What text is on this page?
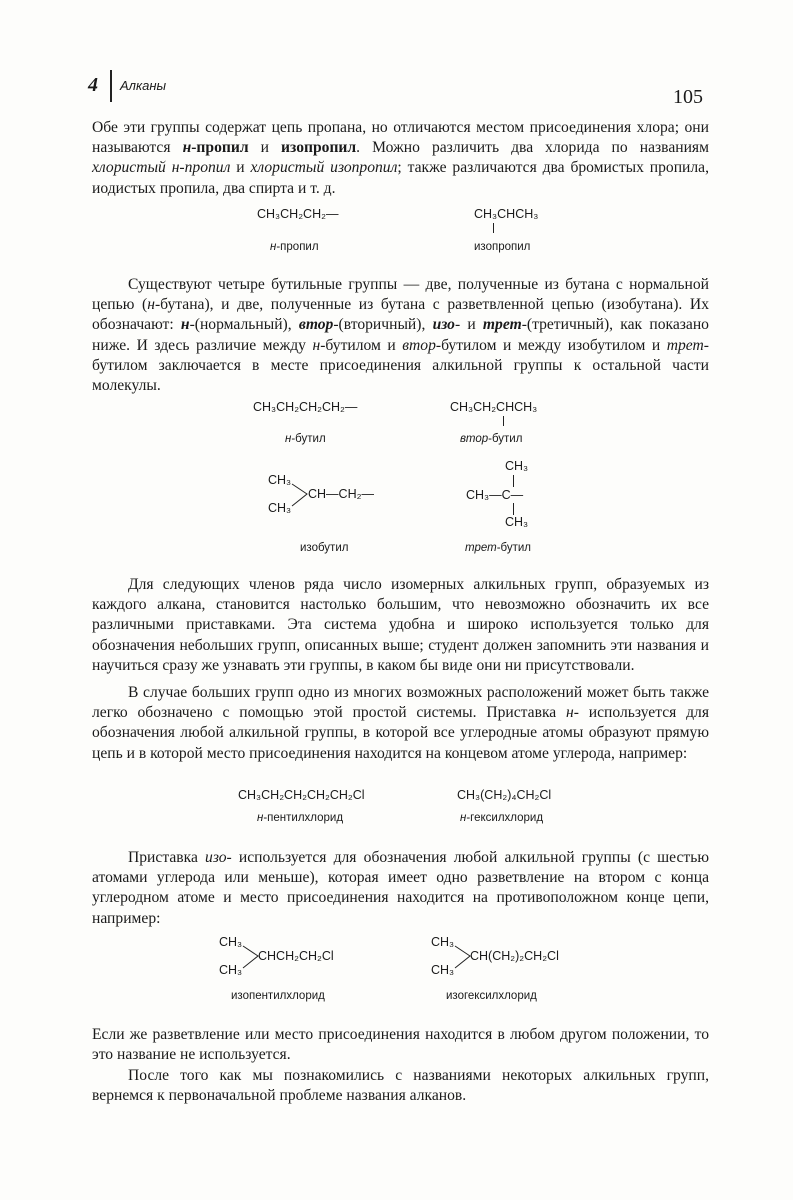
4 Алканы
105

Обе эти группы содержат цепь пропана, но отличаются местом присоединения хлора; они называются н-пропил и изопропил. Можно различить два хлорида по названиям хлористый н-пропил и хлористый изопропил; также различаются два бромистых пропила, иодистых пропила, два спирта и т. д.

CH₃CH₂CH₂—
н-пропил
CH₃CHCH₃
изопропил

Существуют четыре бутильные группы — две, полученные из бутана с нормальной цепью (н-бутана), и две, полученные из бутана с разветвленной цепью (изобутана). Их обозначают: н-(нормальный), втор-(вторичный), изо- и трет-(третичный), как показано ниже. И здесь различие между н-бутилом и втор-бутилом и между изобутилом и трет-бутилом заключается в месте присоединения алкильной группы к остальной части молекулы.

CH₃CH₂CH₂CH₂—
н-бутил
CH₃CH₂CHCH₃
втор-бутил
CH₃
CH₃
CH—CH₂—
изобутил
CH₃
CH₃—C—
CH₃
трет-бутил

Для следующих членов ряда число изомерных алкильных групп, образуемых из каждого алкана, становится настолько большим, что невозможно обозначить их все различными приставками. Эта система удобна и широко используется только для обозначения небольших групп, описанных выше; студент должен запомнить эти названия и научиться сразу же узнавать эти группы, в каком бы виде они ни присутствовали.

В случае больших групп одно из многих возможных расположений может быть также легко обозначено с помощью этой простой системы. Приставка н- используется для обозначения любой алкильной группы, в которой все углеродные атомы образуют прямую цепь и в которой место присоединения находится на концевом атоме углерода, например:

CH₃CH₂CH₂CH₂CH₂Cl
н-пентилхлорид
CH₃(CH₂)₄CH₂Cl
н-гексилхлорид

Приставка изо- используется для обозначения любой алкильной группы (с шестью атомами углерода или меньше), которая имеет одно разветвление на втором с конца углеродном атоме и место присоединения находится на противоположном конце цепи, например:

CH₃
CH₃
CHCH₂CH₂Cl
изопентилхлорид
CH₃
CH₃
CH(CH₂)₂CH₂Cl
изогексилхлорид

Если же разветвление или место присоединения находится в любом другом положении, то это название не используется.

После того как мы познакомились с названиями некоторых алкильных групп, вернемся к первоначальной проблеме названия алканов.
